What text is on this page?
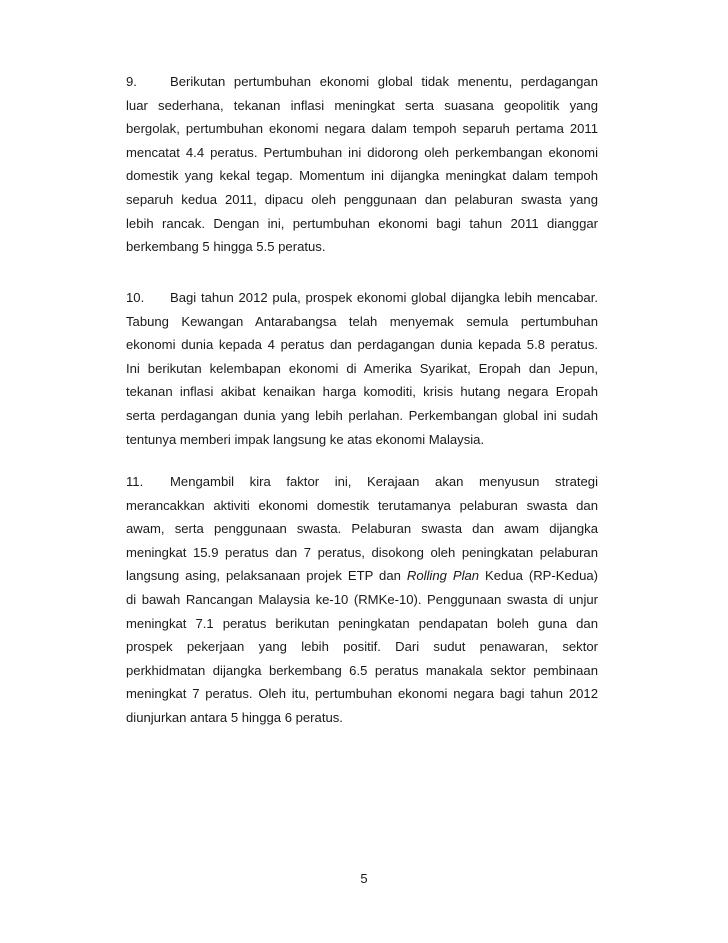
9.	Berikutan pertumbuhan ekonomi global tidak menentu, perdagangan
luar sederhana, tekanan inflasi meningkat serta suasana geopolitik yang
bergolak, pertumbuhan ekonomi negara dalam tempoh separuh pertama 2011
mencatat 4.4 peratus. Pertumbuhan ini didorong oleh perkembangan ekonomi
domestik yang kekal tegap. Momentum ini dijangka meningkat dalam tempoh
separuh kedua 2011, dipacu oleh penggunaan dan pelaburan swasta yang
lebih rancak. Dengan ini, pertumbuhan ekonomi bagi tahun 2011 dianggar
berkembang 5 hingga 5.5 peratus.
10. Bagi tahun 2012 pula, prospek ekonomi global dijangka lebih mencabar.
Tabung Kewangan Antarabangsa telah menyemak semula pertumbuhan
ekonomi dunia kepada 4 peratus dan perdagangan dunia kepada 5.8 peratus.
Ini berikutan kelembapan ekonomi di Amerika Syarikat, Eropah dan Jepun,
tekanan inflasi akibat kenaikan harga komoditi, krisis hutang negara Eropah
serta perdagangan dunia yang lebih perlahan. Perkembangan global ini sudah
tentunya memberi impak langsung ke atas ekonomi Malaysia.
11. Mengambil kira faktor ini, Kerajaan akan menyusun strategi
merancakkan aktiviti ekonomi domestik terutamanya pelaburan swasta dan
awam, serta penggunaan swasta. Pelaburan swasta dan awam dijangka
meningkat 15.9 peratus dan 7 peratus, disokong oleh peningkatan pelaburan
langsung asing, pelaksanaan projek ETP dan Rolling Plan Kedua (RP-Kedua)
di bawah Rancangan Malaysia ke-10 (RMKe-10). Penggunaan swasta di unjur
meningkat 7.1 peratus berikutan peningkatan pendapatan boleh guna dan
prospek pekerjaan yang lebih positif. Dari sudut penawaran, sektor
perkhidmatan dijangka berkembang 6.5 peratus manakala sektor pembinaan
meningkat 7 peratus. Oleh itu, pertumbuhan ekonomi negara bagi tahun 2012
diunjurkan antara 5 hingga 6 peratus.
5
